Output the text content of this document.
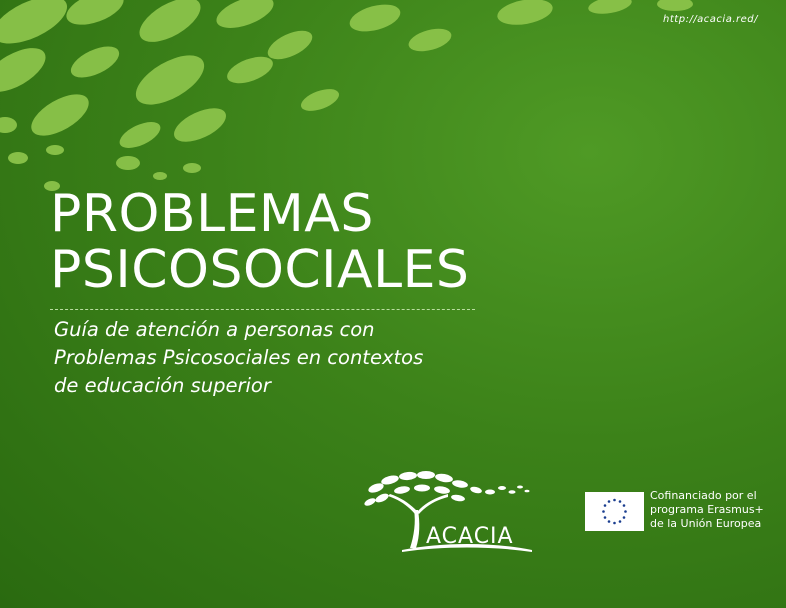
http://acacia.red/
PROBLEMAS
PSICOSOCIALES
Guía de atención a personas con
Problemas Psicosociales en contextos
de educación superior
ACACIA
Cofinanciado por el
programa Erasmus+
de la Unión Europea
